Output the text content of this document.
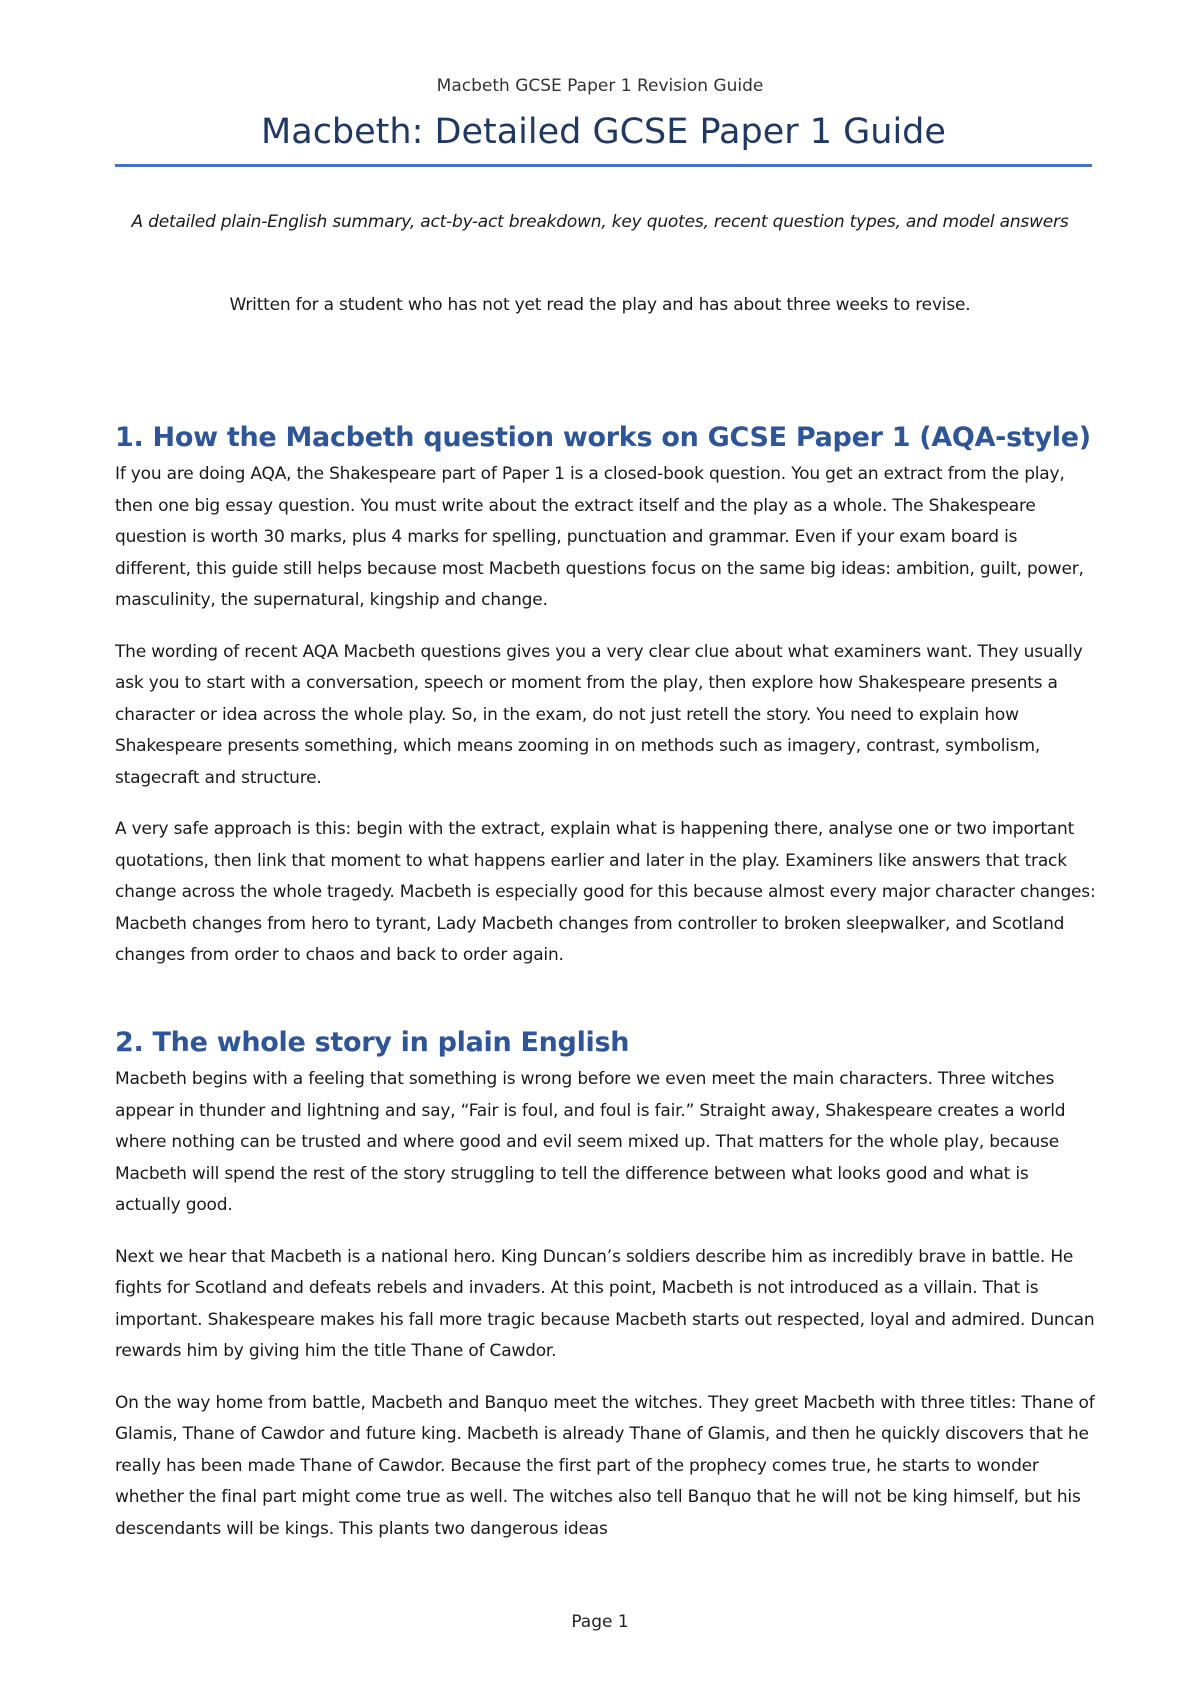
Macbeth GCSE Paper 1 Revision Guide
Macbeth: Detailed GCSE Paper 1 Guide

A detailed plain-English summary, act-by-act breakdown, key quotes, recent question types, and model answers

Written for a student who has not yet read the play and has about three weeks to revise.

1. How the Macbeth question works on GCSE Paper 1 (AQA-style)

If you are doing AQA, the Shakespeare part of Paper 1 is a closed-book question. You get an extract from the play, then one big essay question. You must write about the extract itself and the play as a whole. The Shakespeare question is worth 30 marks, plus 4 marks for spelling, punctuation and grammar. Even if your exam board is different, this guide still helps because most Macbeth questions focus on the same big ideas: ambition, guilt, power, masculinity, the supernatural, kingship and change.

The wording of recent AQA Macbeth questions gives you a very clear clue about what examiners want. They usually ask you to start with a conversation, speech or moment from the play, then explore how Shakespeare presents a character or idea across the whole play. So, in the exam, do not just retell the story. You need to explain how Shakespeare presents something, which means zooming in on methods such as imagery, contrast, symbolism, stagecraft and structure.

A very safe approach is this: begin with the extract, explain what is happening there, analyse one or two important quotations, then link that moment to what happens earlier and later in the play. Examiners like answers that track change across the whole tragedy. Macbeth is especially good for this because almost every major character changes: Macbeth changes from hero to tyrant, Lady Macbeth changes from controller to broken sleepwalker, and Scotland changes from order to chaos and back to order again.

2. The whole story in plain English

Macbeth begins with a feeling that something is wrong before we even meet the main characters. Three witches appear in thunder and lightning and say, “Fair is foul, and foul is fair.” Straight away, Shakespeare creates a world where nothing can be trusted and where good and evil seem mixed up. That matters for the whole play, because Macbeth will spend the rest of the story struggling to tell the difference between what looks good and what is actually good.

Next we hear that Macbeth is a national hero. King Duncan’s soldiers describe him as incredibly brave in battle. He fights for Scotland and defeats rebels and invaders. At this point, Macbeth is not introduced as a villain. That is important. Shakespeare makes his fall more tragic because Macbeth starts out respected, loyal and admired. Duncan rewards him by giving him the title Thane of Cawdor.

On the way home from battle, Macbeth and Banquo meet the witches. They greet Macbeth with three titles: Thane of Glamis, Thane of Cawdor and future king. Macbeth is already Thane of Glamis, and then he quickly discovers that he really has been made Thane of Cawdor. Because the first part of the prophecy comes true, he starts to wonder whether the final part might come true as well. The witches also tell Banquo that he will not be king himself, but his descendants will be kings. This plants two dangerous ideas

Page 1
